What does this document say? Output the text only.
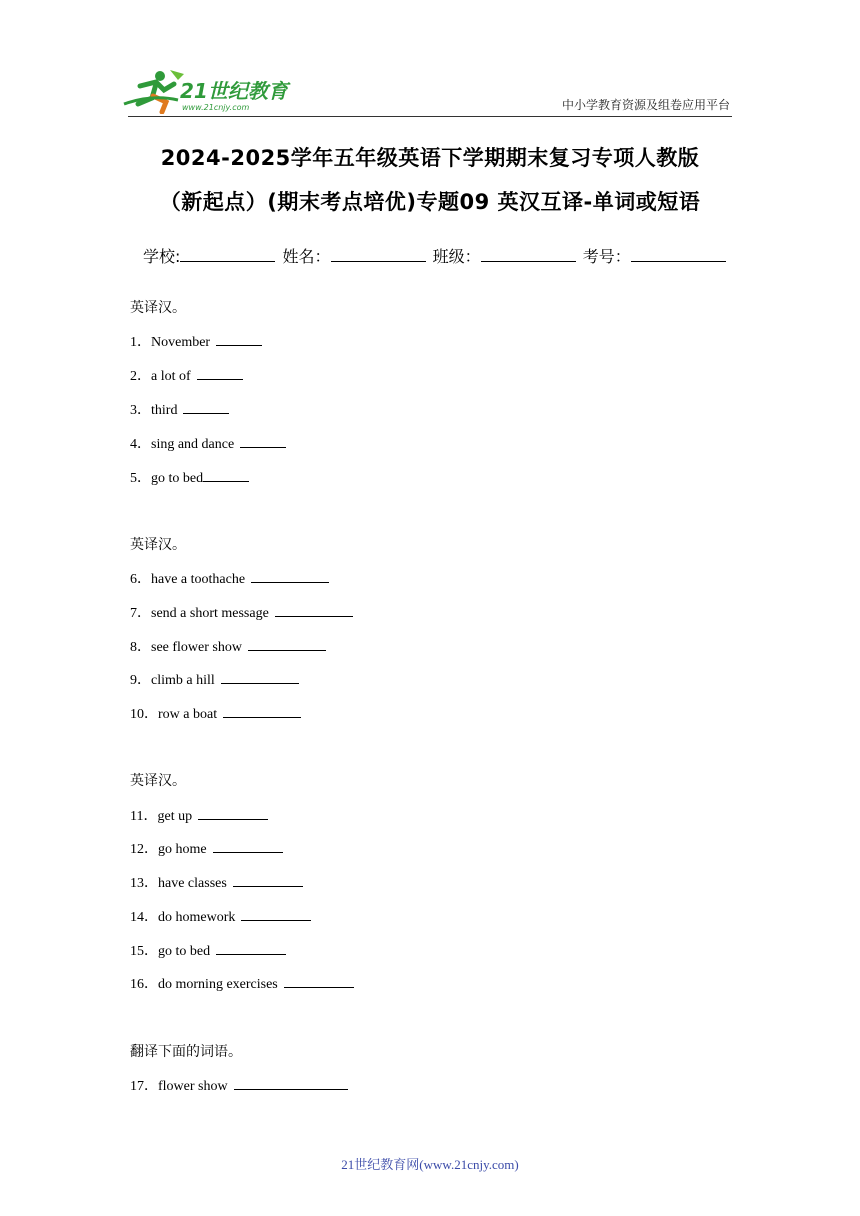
21世纪教育
www.21cnjy.com	中小学教育资源及组卷应用平台
2024-2025学年五年级英语下学期期末复习专项人教版
（新起点）(期末考点培优)专题09 英汉互译-单词或短语
学校:	姓名：	班级：	考号：
英译汉。
1．November
2．a lot of
3．third
4．sing and dance
5．go to bed
英译汉。
6．have a toothache
7．send a short message
8．see flower show
9．climb a hill
10．row a boat
英译汉。
11．get up
12．go home
13．have classes
14．do homework
15．go to bed
16．do morning exercises
翻译下面的词语。
17．flower show
21世纪教育网(www.21cnjy.com)
